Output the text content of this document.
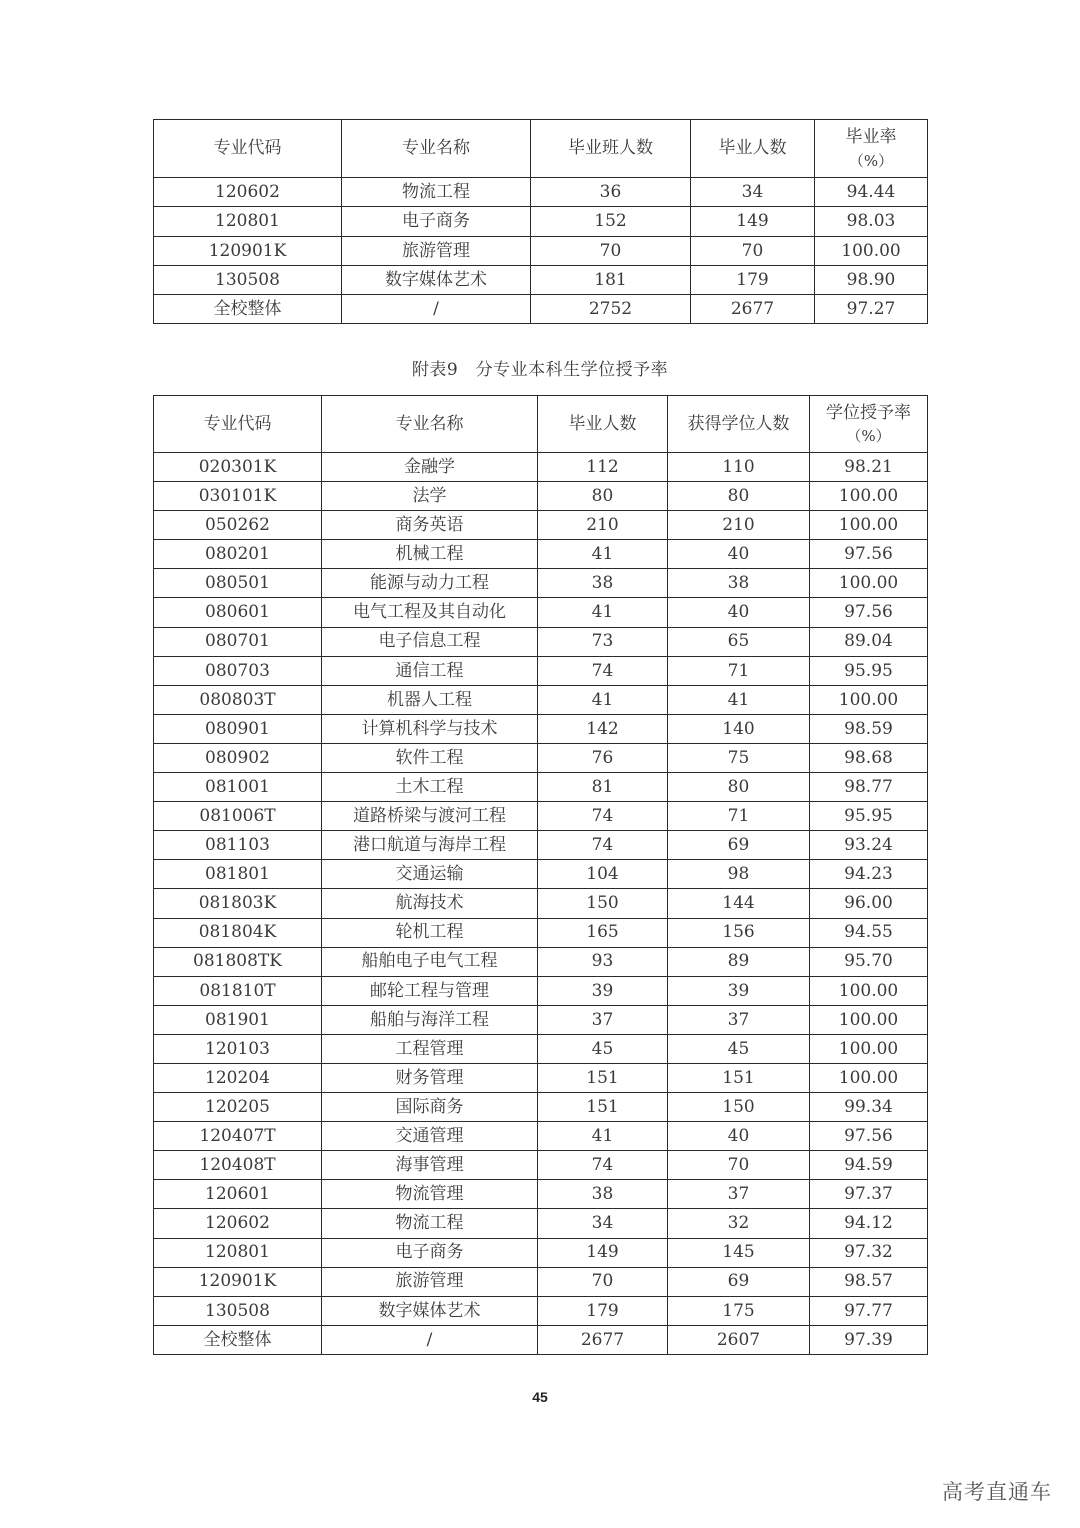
专业代码	专业名称	毕业班人数	毕业人数	毕业率
（%）

120602	物流工程	36	34	94.44
120801	电子商务	152	149	98.03
120901K	旅游管理	70	70	100.00
130508	数字媒体艺术	181	179	98.90
全校整体	/	2752	2677	97.27
附表9　分专业本科生学位授予率
专业代码	专业名称	毕业人数	获得学位人数	学位授予率
（%）

020301K	金融学	112	110	98.21
030101K	法学	80	80	100.00
050262	商务英语	210	210	100.00
080201	机械工程	41	40	97.56
080501	能源与动力工程	38	38	100.00
080601	电气工程及其自动化	41	40	97.56
080701	电子信息工程	73	65	89.04
080703	通信工程	74	71	95.95
080803T	机器人工程	41	41	100.00
080901	计算机科学与技术	142	140	98.59
080902	软件工程	76	75	98.68
081001	土木工程	81	80	98.77
081006T	道路桥梁与渡河工程	74	71	95.95
081103	港口航道与海岸工程	74	69	93.24
081801	交通运输	104	98	94.23
081803K	航海技术	150	144	96.00
081804K	轮机工程	165	156	94.55
081808TK	船舶电子电气工程	93	89	95.70
081810T	邮轮工程与管理	39	39	100.00
081901	船舶与海洋工程	37	37	100.00
120103	工程管理	45	45	100.00
120204	财务管理	151	151	100.00
120205	国际商务	151	150	99.34
120407T	交通管理	41	40	97.56
120408T	海事管理	74	70	94.59
120601	物流管理	38	37	97.37
120602	物流工程	34	32	94.12
120801	电子商务	149	145	97.32
120901K	旅游管理	70	69	98.57
130508	数字媒体艺术	179	175	97.77
全校整体	/	2677	2607	97.39
45
高考直通车
